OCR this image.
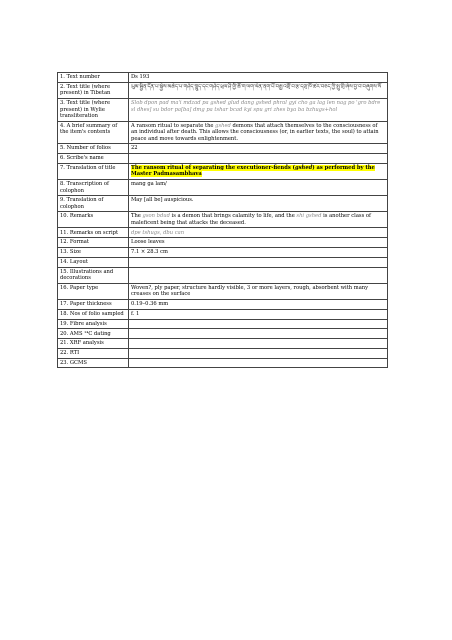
1. Text number	Ds 193
2. Text title (where present) in Tibetan	ཡུམ་སྦྱིན་དོན་པ་སྐྱེས་མཆེད་པ་གཤེད་གླུད་དང་གཤེད་ཕྲལ་ཤི་གྱི་ཆོ་ག་ལག་ལེན་ནག་པོ་བརྒྱ་འགྲོ་བ་རྩ་དགྲ་ཁོ་ཚར་བཅད་ཀྱི་སྤུ་གྲི་ཞེས་བྱ་བ་བཞུགས་སོ
3. Text title (where present) in Wylie transliteration	Slob dpon pad ma'i mdzad pa gshed glud dang gshed phral gyi cho ga lag len nag po 'gro bdre sl dhes] su bdor pa[ba] dmg pa tshar bcad kyi spu gri zhes bya ba bzhugs+hol
4. A brief summary of the item's contents	A ransom ritual to separate the gshed demons that attach themselves to the consciousness of an individual after death. This allows the consciousness (or, in earlier texts, the soul) to attain peace and move towards enlightenment.
5. Number of folios	22
6. Scribe's name	
7. Translation of title	The ransom ritual of separating the executioner-fiends (gshed) as performed by the Master Padmasambhava
8. Transcription of colophon	mang ga lam/
9. Translation of colophon	May [all be] auspicious.
10. Remarks	The gson bdud is a demon that brings calamity to life, and the shi gshed is another class of maleficent being that attacks the deceased.
11. Remarks on script	dpe tshugs, dbu can
12. Format	Loose leaves
13. Size	7.1 × 28.3 cm
14. Layout	
15. Illustrations and decorations	
16. Paper type	Woven?, ply paper, structure hardly visible, 3 or more layers, rough, absorbent with many creases on the surface
17. Paper thickness	0.19–0.36 mm
18. Nos of folio sampled	f. 1
19. Fibre analysis	
20. AMS ¹⁴C dating	
21. XRF analysis	
22. RTI	
23. GCMS	
